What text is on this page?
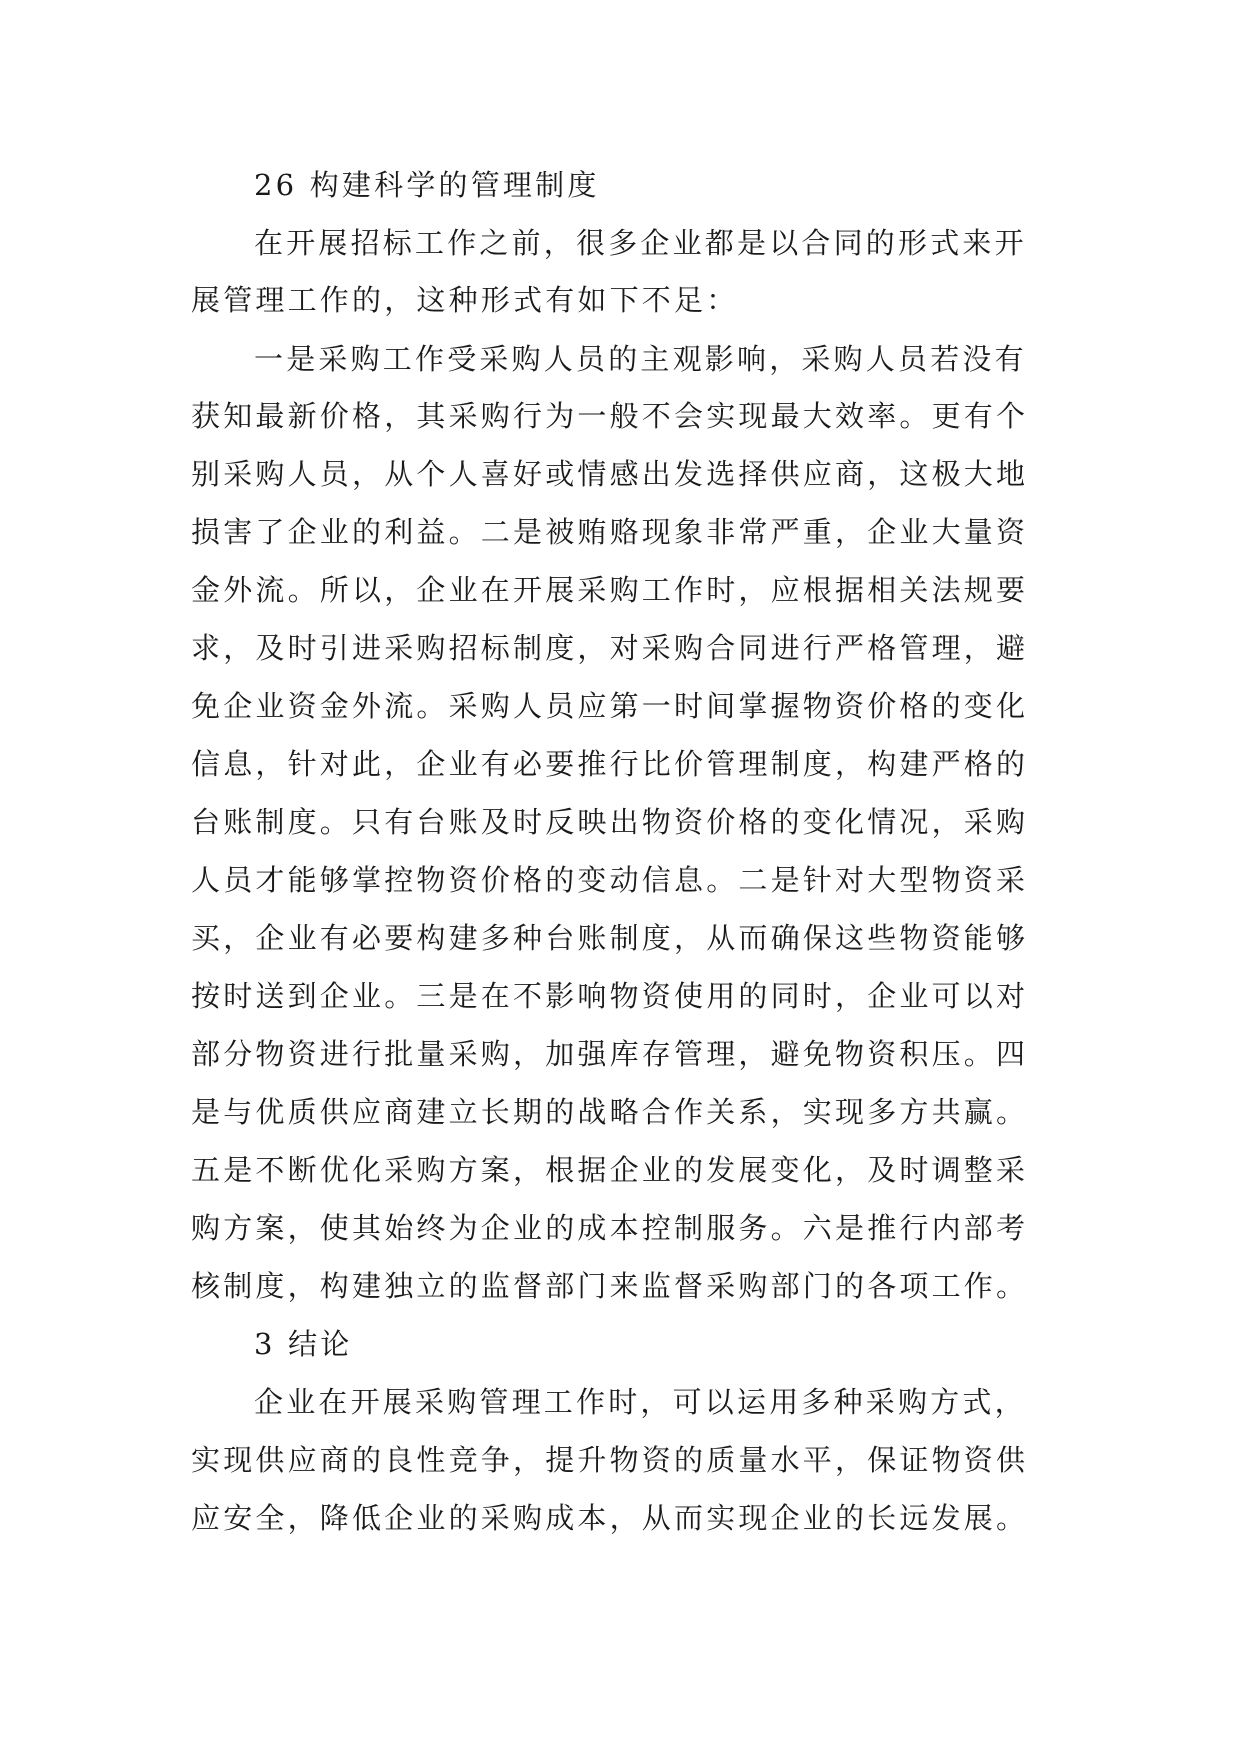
26 构建科学的管理制度
在开展招标工作之前，很多企业都是以合同的形式来开
展管理工作的，这种形式有如下不足：
一是采购工作受采购人员的主观影响，采购人员若没有
获知最新价格，其采购行为一般不会实现最大效率。更有个
别采购人员，从个人喜好或情感出发选择供应商，这极大地
损害了企业的利益。二是被贿赂现象非常严重，企业大量资
金外流。所以，企业在开展采购工作时，应根据相关法规要
求，及时引进采购招标制度，对采购合同进行严格管理，避
免企业资金外流。采购人员应第一时间掌握物资价格的变化
信息，针对此，企业有必要推行比价管理制度，构建严格的
台账制度。只有台账及时反映出物资价格的变化情况，采购
人员才能够掌控物资价格的变动信息。二是针对大型物资采
买，企业有必要构建多种台账制度，从而确保这些物资能够
按时送到企业。三是在不影响物资使用的同时，企业可以对
部分物资进行批量采购，加强库存管理，避免物资积压。四
是与优质供应商建立长期的战略合作关系，实现多方共赢。
五是不断优化采购方案，根据企业的发展变化，及时调整采
购方案，使其始终为企业的成本控制服务。六是推行内部考
核制度，构建独立的监督部门来监督采购部门的各项工作。
3 结论
企业在开展采购管理工作时，可以运用多种采购方式，
实现供应商的良性竞争，提升物资的质量水平，保证物资供
应安全，降低企业的采购成本，从而实现企业的长远发展。
